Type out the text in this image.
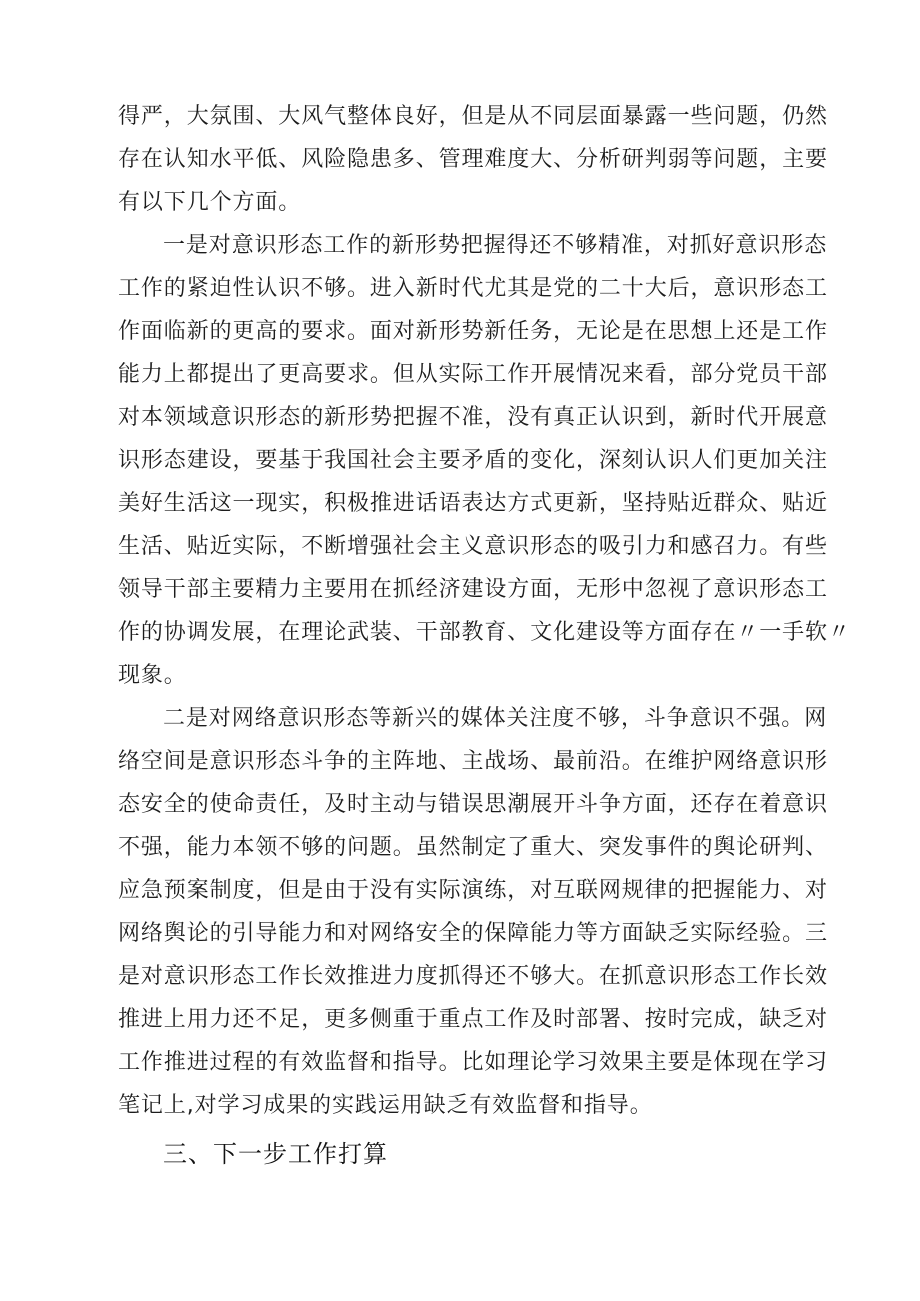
得严，大氛围、大风气整体良好，但是从不同层面暴露一些问题，仍然
存在认知水平低、风险隐患多、管理难度大、分析研判弱等问题，主要
有以下几个方面。
一是对意识形态工作的新形势把握得还不够精准，对抓好意识形态
工作的紧迫性认识不够。进入新时代尤其是党的二十大后，意识形态工
作面临新的更高的要求。面对新形势新任务，无论是在思想上还是工作
能力上都提出了更高要求。但从实际工作开展情况来看，部分党员干部
对本领域意识形态的新形势把握不准，没有真正认识到，新时代开展意
识形态建设，要基于我国社会主要矛盾的变化，深刻认识人们更加关注
美好生活这一现实，积极推进话语表达方式更新，坚持贴近群众、贴近
生活、贴近实际，不断增强社会主义意识形态的吸引力和感召力。有些
领导干部主要精力主要用在抓经济建设方面，无形中忽视了意识形态工
作的协调发展，在理论武装、干部教育、文化建设等方面存在〃一手软〃
现象。
二是对网络意识形态等新兴的媒体关注度不够，斗争意识不强。网
络空间是意识形态斗争的主阵地、主战场、最前沿。在维护网络意识形
态安全的使命责任，及时主动与错误思潮展开斗争方面，还存在着意识
不强，能力本领不够的问题。虽然制定了重大、突发事件的舆论研判、
应急预案制度，但是由于没有实际演练，对互联网规律的把握能力、对
网络舆论的引导能力和对网络安全的保障能力等方面缺乏实际经验。三
是对意识形态工作长效推进力度抓得还不够大。在抓意识形态工作长效
推进上用力还不足，更多侧重于重点工作及时部署、按时完成，缺乏对
工作推进过程的有效监督和指导。比如理论学习效果主要是体现在学习
笔记上,对学习成果的实践运用缺乏有效监督和指导。
三、下一步工作打算
